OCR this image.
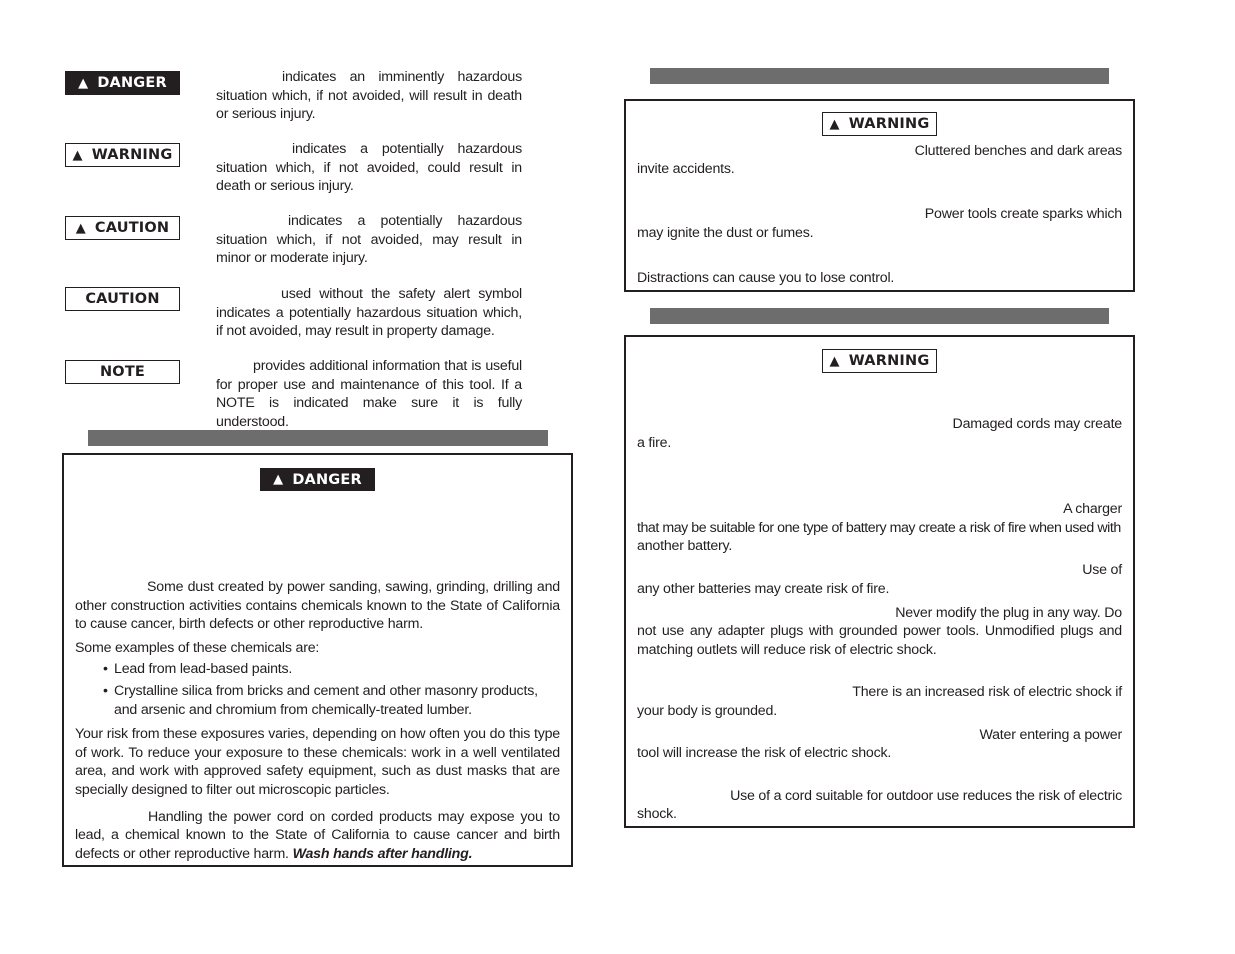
▲ DANGER	indicates an imminently hazardous
situation which, if not avoided, will result in death
or serious injury.
▲ WARNING	indicates a potentially hazardous
situation which, if not avoided, could result in
death or serious injury.
▲ CAUTION	indicates a potentially hazardous
situation which, if not avoided, may result in
minor or moderate injury.
CAUTION	used without the safety alert symbol
indicates a potentially hazardous situation which,
if not avoided, may result in property damage.
NOTE	provides additional information that is useful
for proper use and maintenance of this tool. If a
NOTE is indicated make sure it is fully understood.
▲ DANGER
Some dust created by power sanding, sawing, grinding, drilling and
other construction activities contains chemicals known to the State of California
to cause cancer, birth defects or other reproductive harm.
Some examples of these chemicals are:
• Lead from lead-based paints.
• Crystalline silica from bricks and cement and other masonry products,
and arsenic and chromium from chemically-treated lumber.
Your risk from these exposures varies, depending on how often you do this type
of work. To reduce your exposure to these chemicals: work in a well ventilated
area, and work with approved safety equipment, such as dust masks that are
specially designed to filter out microscopic particles.
Handling the power cord on corded products may expose you to
lead, a chemical known to the State of California to cause cancer and birth
defects or other reproductive harm. Wash hands after handling.
▲ WARNING
Cluttered benches and dark areas
invite accidents.
Power tools create sparks which
may ignite the dust or fumes.
Distractions can cause you to lose control.
▲ WARNING
Damaged cords may create
a fire.
A charger
that may be suitable for one type of battery may create a risk of fire when used with
another battery.
Use of
any other batteries may create risk of fire.
Never modify the plug in any way. Do
not use any adapter plugs with grounded power tools. Unmodified plugs and
matching outlets will reduce risk of electric shock.
There is an increased risk of electric shock if
your body is grounded.
Water entering a power
tool will increase the risk of electric shock.
Use of a cord suitable for outdoor use reduces the risk of electric
shock.
